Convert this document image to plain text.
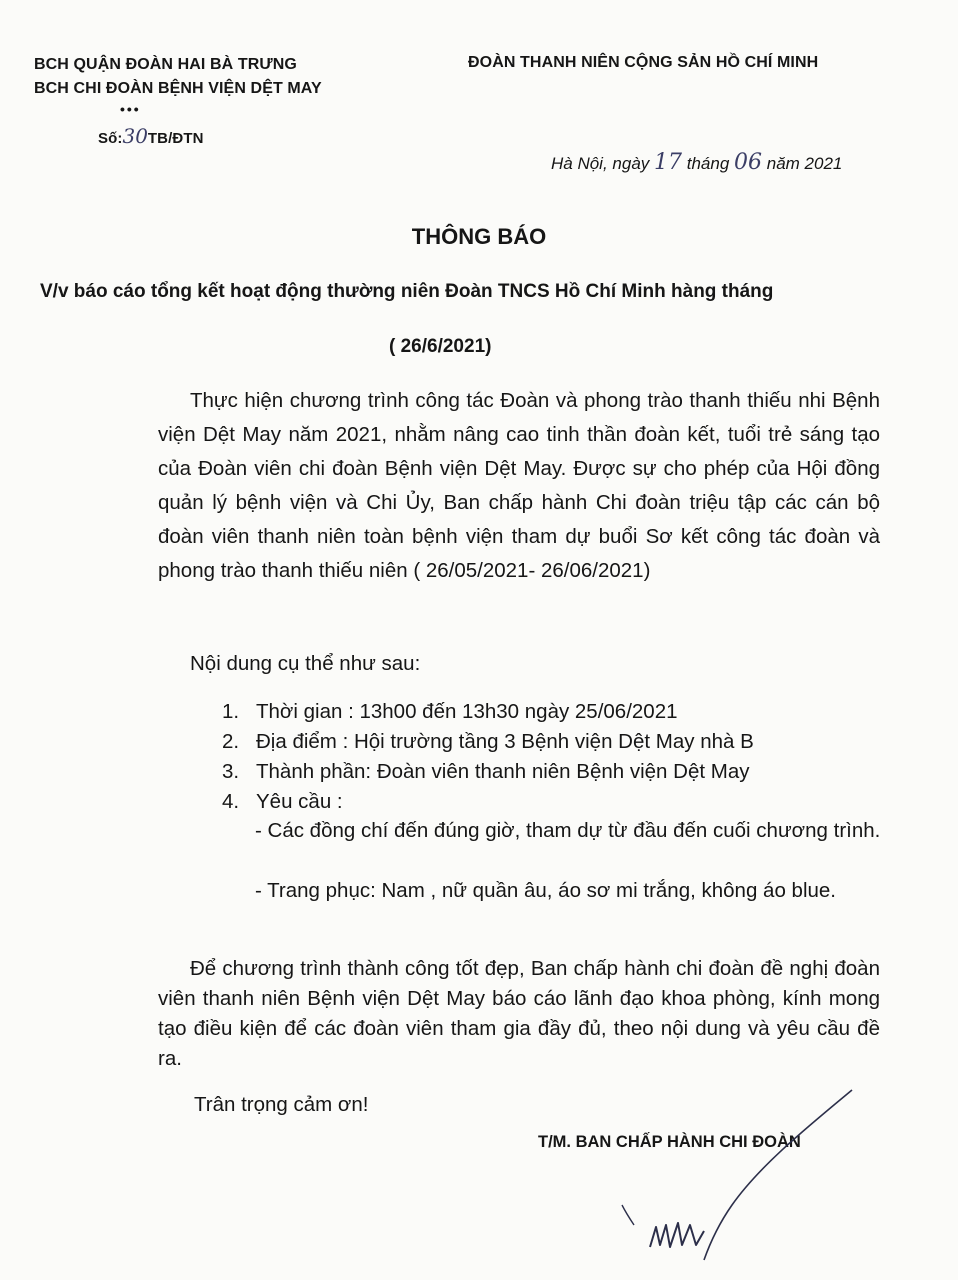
BCH QUẬN ĐOÀN HAI BÀ TRƯNG
BCH CHI ĐOÀN BỆNH VIỆN DỆT MAY
•••
Số:30TB/ĐTN
ĐOÀN THANH NIÊN CỘNG SẢN HỒ CHÍ MINH
Hà Nội, ngày 17 tháng 06 năm 2021
THÔNG BÁO
V/v báo cáo tổng kết hoạt động thường niên Đoàn TNCS Hồ Chí Minh hàng tháng
( 26/6/2021)
Thực hiện chương trình công tác Đoàn và phong trào thanh thiếu nhi Bệnh viện Dệt May năm 2021, nhằm nâng cao tinh thần đoàn kết, tuổi trẻ sáng tạo của Đoàn viên chi đoàn Bệnh viện Dệt May. Được sự cho phép của Hội đồng quản lý bệnh viện và Chi Ủy, Ban chấp hành Chi đoàn triệu tập các cán bộ đoàn viên thanh niên toàn bệnh viện tham dự buổi Sơ kết công tác đoàn và phong trào thanh thiếu niên ( 26/05/2021- 26/06/2021)
Nội dung cụ thể như sau:
1. Thời gian : 13h00 đến 13h30 ngày 25/06/2021
2. Địa điểm : Hội trường tầng 3 Bệnh viện Dệt May nhà B
3. Thành phần: Đoàn viên thanh niên Bệnh viện Dệt May
4. Yêu cầu :
- Các đồng chí đến đúng giờ, tham dự từ đầu đến cuối chương trình.
- Trang phục: Nam , nữ quần âu, áo sơ mi trắng, không áo blue.
Để chương trình thành công tốt đẹp, Ban chấp hành chi đoàn đề nghị đoàn viên thanh niên Bệnh viện Dệt May báo cáo lãnh đạo khoa phòng, kính mong tạo điều kiện để các đoàn viên tham gia đầy đủ, theo nội dung và yêu cầu đề ra.
Trân trọng cảm ơn!
T/M. BAN CHẤP HÀNH CHI ĐOÀN
